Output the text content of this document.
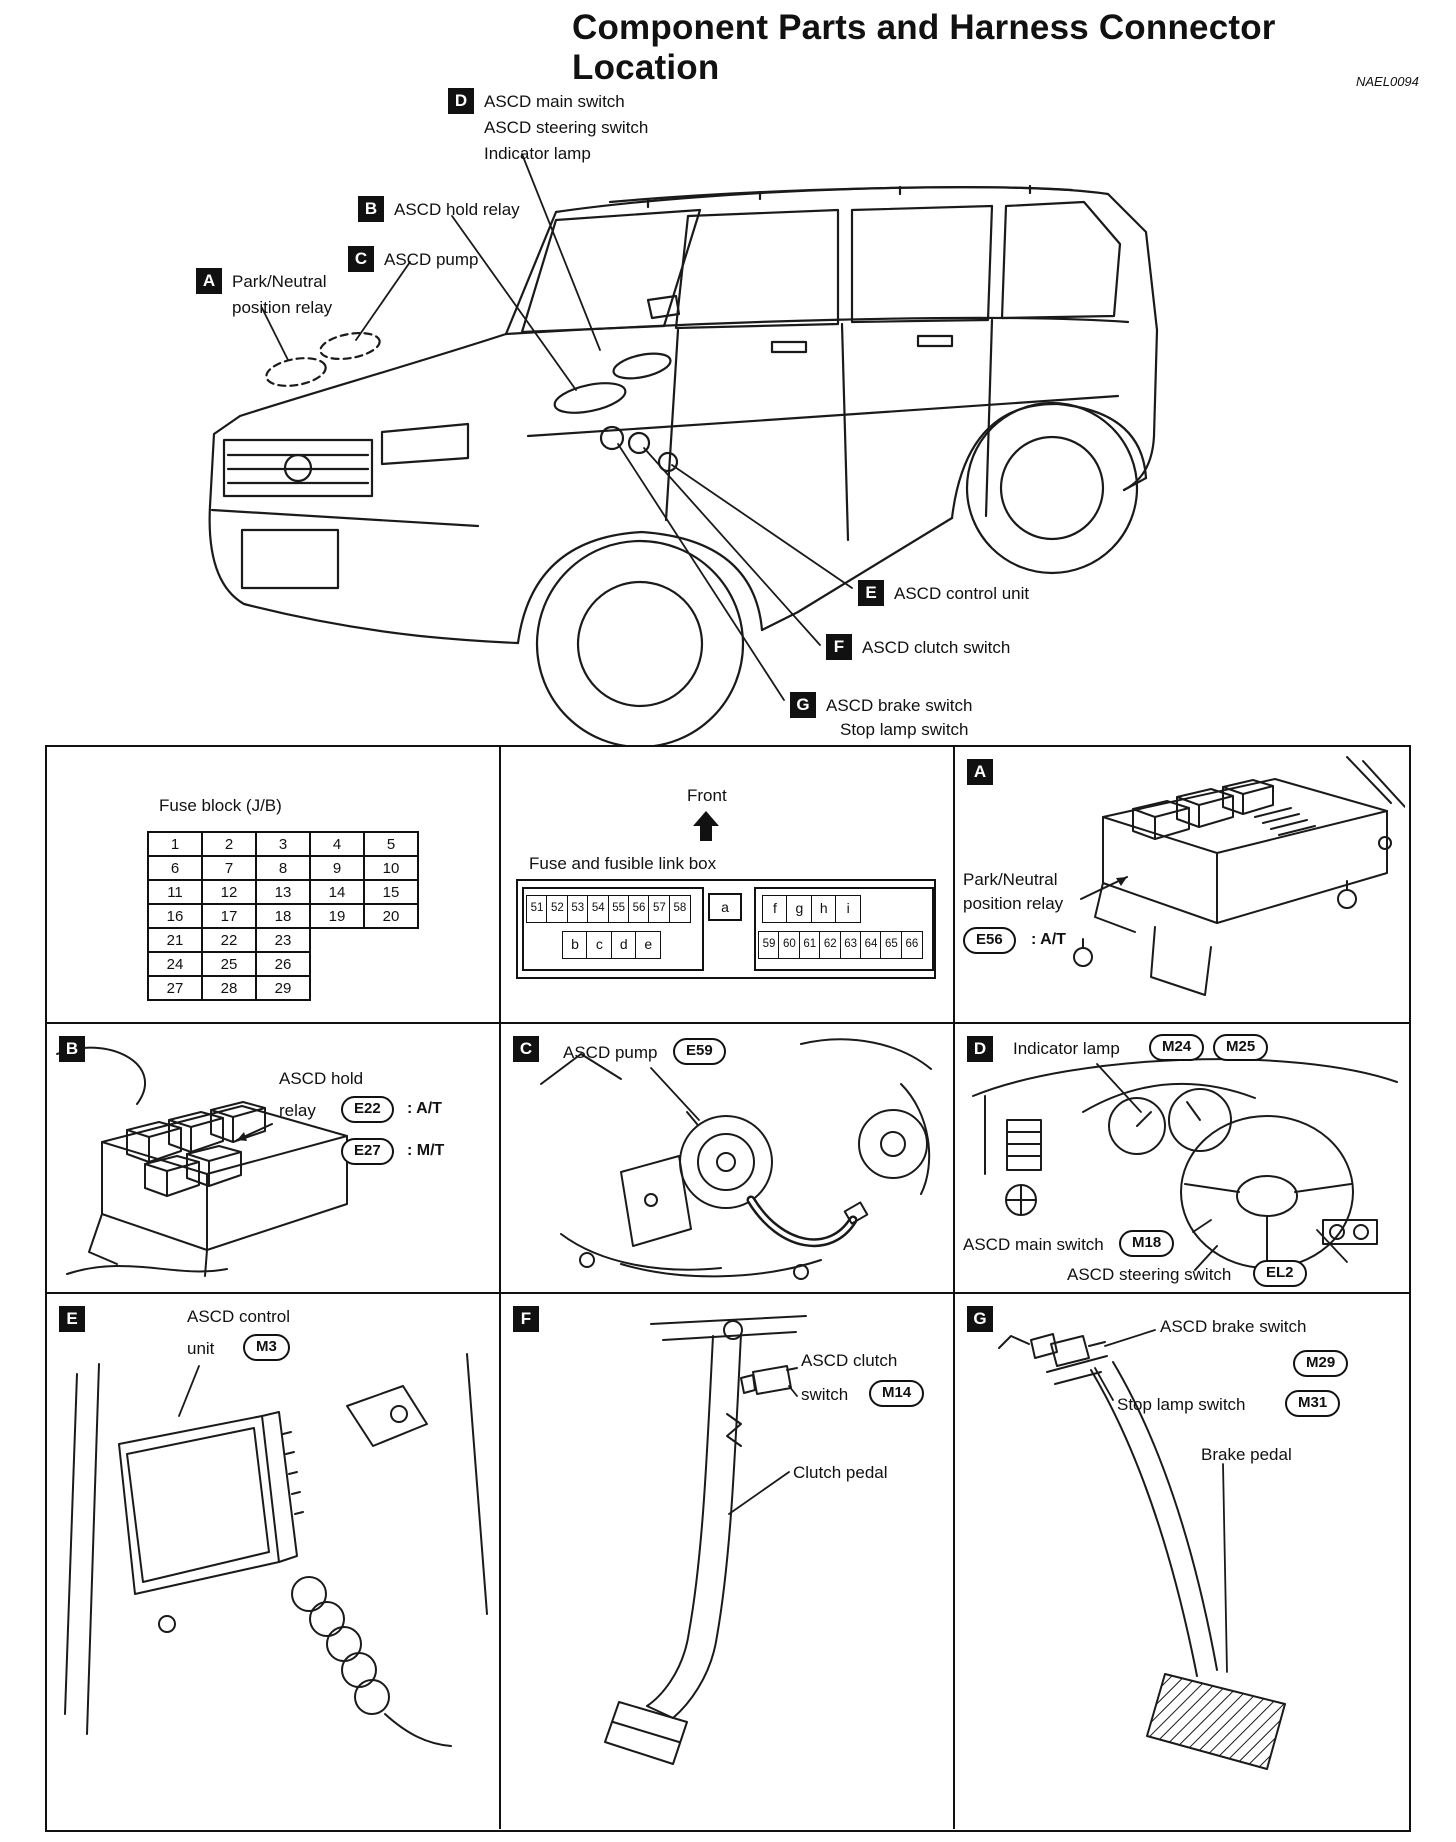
Component Parts and Harness Connector
Location	NAEL0094
D ASCD main switch
ASCD steering switch
Indicator lamp
B ASCD hold relay
C ASCD pump
A Park/Neutral
position relay
E	ASCD control unit
F	ASCD clutch switch
G ASCD brake switch
Stop lamp switch
Fuse block (J/B)
1	2	3	4	5
6	7	8	9	10
11	12	13	14	15
16	17	18	19	20
21	22	23		
24	25	26		
27	28	29		
Front
Fuse and fusible link box
51 52 53 54 55 56 57 58	a	f	g	h	i
b	c	d	e	59 60 61 62 63 64 65 66
A
Park/Neutral
position relay
E56	: A/T
B
ASCD hold
relay	E22	: A/T
E27	: M/T
C	ASCD pump	E59	D	Indicator lamp	M24	M25
ASCD main switch	M18
ASCD steering switch	EL2
E	ASCD control
unit	M3
F
ASCD clutch
switch	M14
Clutch pedal
G	ASCD brake switch
M29
Stop lamp switch	M31
Brake pedal
